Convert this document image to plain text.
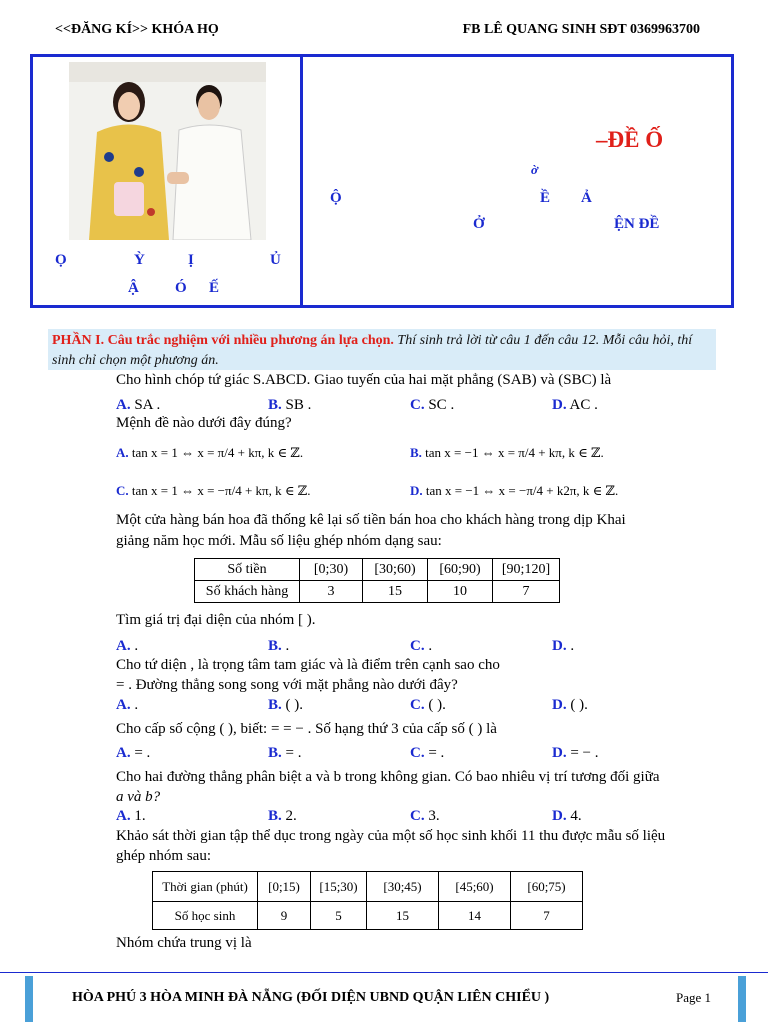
<<ĐĂNG KÍ>> KHÓA HỌ	FB LÊ QUANG SINH SĐT 0369963700
Ọ	Ỳ	Ị	Ủ
Ậ Ó Ế
–ĐỀ Ố
ờ
Ộ	Ề Ả
Ở	ỆN ĐỀ
PHẦN I. Câu trắc nghiệm với nhiều phương án lựa chọn. Thí sinh trả lời từ câu 1 đến câu 12. Mỗi câu hỏi, thí sinh chỉ chọn một phương án.
Cho hình chóp tứ giác S.ABCD. Giao tuyến của hai mặt phẳng (SAB) và (SBC) là
A. SA .	B. SB .	C. SC .	D. AC .
Mệnh đề nào dưới đây đúng?
A. tan x = 1 ⇔ x = π/4 + kπ, k ∈ ℤ.	B. tan x = −1 ⇔ x = π/4 + kπ, k ∈ ℤ.
C. tan x = 1 ⇔ x = −π/4 + kπ, k ∈ ℤ.	D. tan x = −1 ⇔ x = −π/4 + k2π, k ∈ ℤ.
Một cửa hàng bán hoa đã thống kê lại số tiền bán hoa cho khách hàng trong dịp Khai
giảng năm học mới. Mẫu số liệu ghép nhóm dạng sau:
Số tiền	[0;30)	[30;60)	[60;90)	[90;120]
Số khách hàng	3	15	10	7
Tìm giá trị đại diện của nhóm [ ).
A. .	B. .	C. .	D. .
Cho tứ diện , là trọng tâm tam giác và là điểm trên cạnh sao cho
= . Đường thẳng song song với mặt phẳng nào dưới đây?
A. .	B. ( ).	C. ( ).	D. ( ).
Cho cấp số cộng ( ), biết: = = − . Số hạng thứ 3 của cấp số ( ) là
A. = .	B. = .	C. = .	D. = − .
Cho hai đường thẳng phân biệt a và b trong không gian. Có bao nhiêu vị trí tương đối giữa
a và b?
A. 1.	B. 2.	C. 3.	D. 4.
Khảo sát thời gian tập thể dục trong ngày của một số học sinh khối 11 thu được mẫu số liệu
ghép nhóm sau:
Thời gian (phút)	[0;15)	[15;30)	[30;45)	[45;60)	[60;75)
Số học sinh	9	5	15	14	7
Nhóm chứa trung vị là
HÒA PHÚ 3 HÒA MINH ĐÀ NẴNG (ĐỐI DIỆN UBND QUẬN LIÊN CHIỂU )	Page 1
